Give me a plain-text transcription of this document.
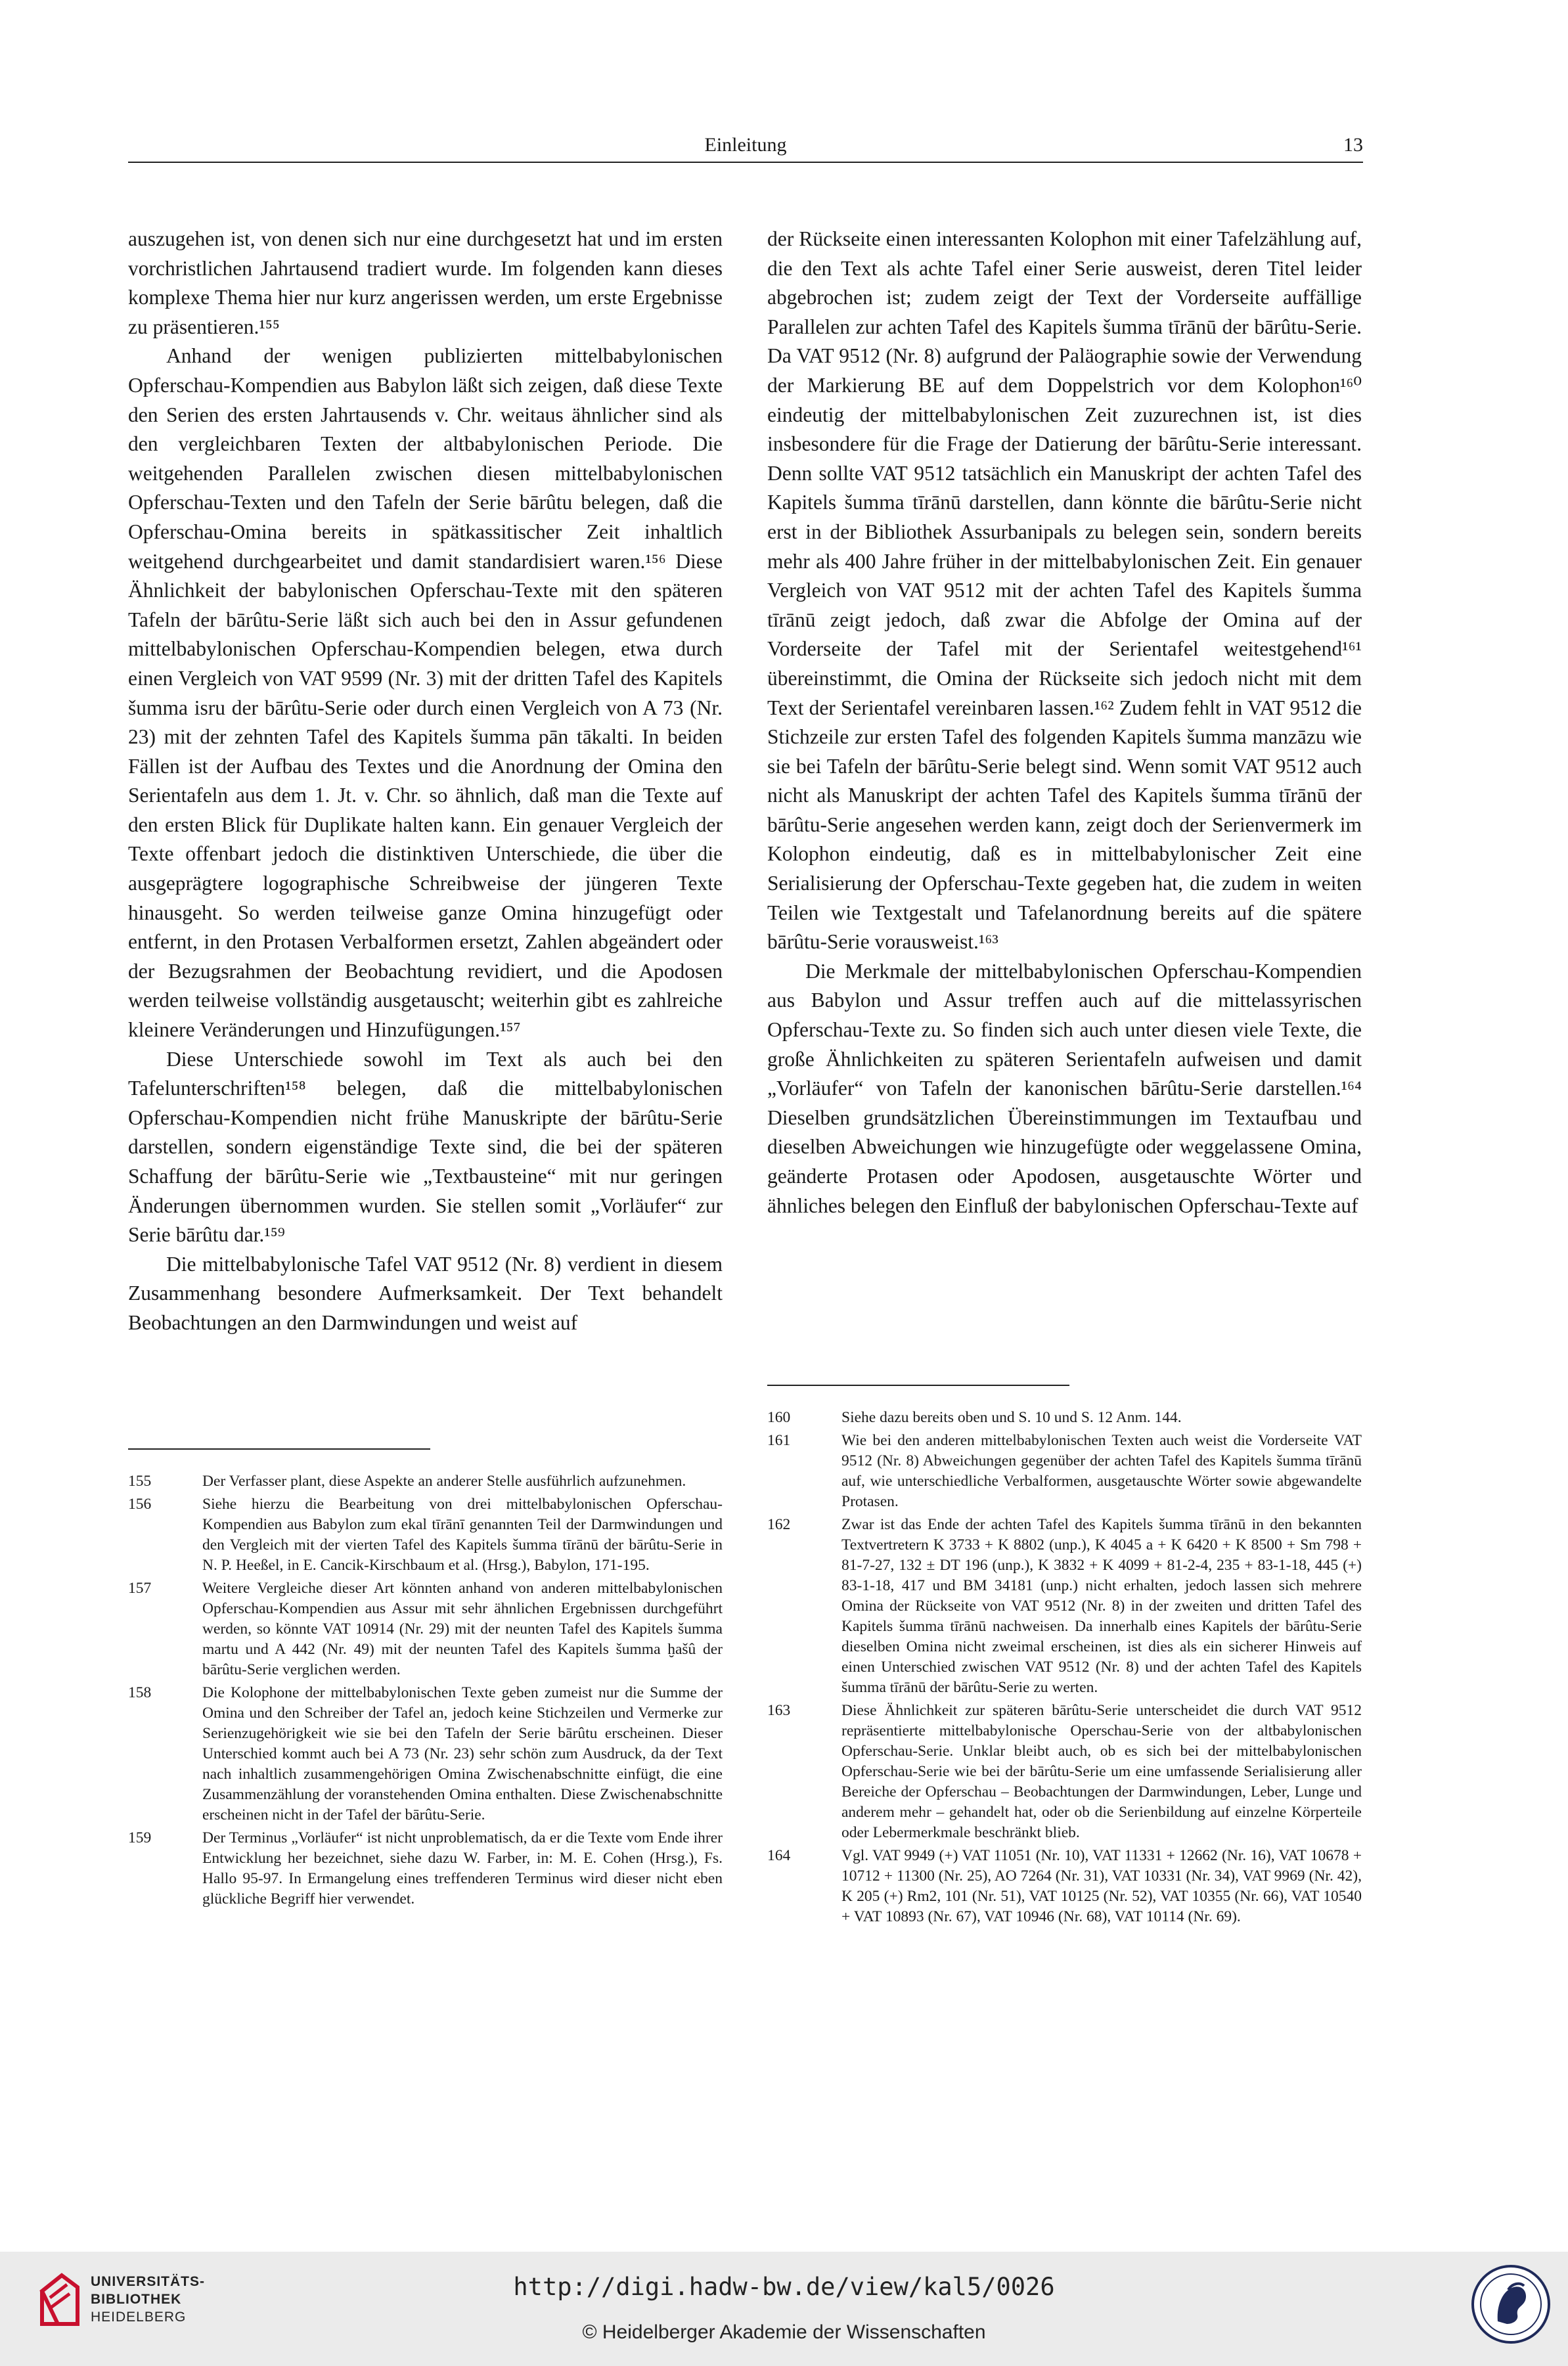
Einleitung	13

auszugehen ist, von denen sich nur eine durchgesetzt hat und im ersten vorchristlichen Jahrtausend tradiert wurde. Im folgenden kann dieses komplexe Thema hier nur kurz angerissen werden, um erste Ergebnisse zu präsentieren.¹⁵⁵

Anhand der wenigen publizierten mittelbabylonischen Opferschau-Kompendien aus Babylon läßt sich zeigen, daß diese Texte den Serien des ersten Jahrtausends v. Chr. weitaus ähnlicher sind als den vergleichbaren Texten der altbabylonischen Periode. Die weitgehenden Parallelen zwischen diesen mittelbabylonischen Opferschau-Texten und den Tafeln der Serie bārûtu belegen, daß die Opferschau-Omina bereits in spätkassitischer Zeit inhaltlich weitgehend durchgearbeitet und damit standardisiert waren.¹⁵⁶ Diese Ähnlichkeit der babylonischen Opferschau-Texte mit den späteren Tafeln der bārûtu-Serie läßt sich auch bei den in Assur gefundenen mittelbabylonischen Opferschau-Kompendien belegen, etwa durch einen Vergleich von VAT 9599 (Nr. 3) mit der dritten Tafel des Kapitels šumma isru der bārûtu-Serie oder durch einen Vergleich von A 73 (Nr. 23) mit der zehnten Tafel des Kapitels šumma pān tākalti. In beiden Fällen ist der Aufbau des Textes und die Anordnung der Omina den Serientafeln aus dem 1. Jt. v. Chr. so ähnlich, daß man die Texte auf den ersten Blick für Duplikate halten kann. Ein genauer Vergleich der Texte offenbart jedoch die distinktiven Unterschiede, die über die ausgeprägtere logographische Schreibweise der jüngeren Texte hinausgeht. So werden teilweise ganze Omina hinzugefügt oder entfernt, in den Protasen Verbalformen ersetzt, Zahlen abgeändert oder der Bezugsrahmen der Beobachtung revidiert, und die Apodosen werden teilweise vollständig ausgetauscht; weiterhin gibt es zahlreiche kleinere Veränderungen und Hinzufügungen.¹⁵⁷

Diese Unterschiede sowohl im Text als auch bei den Tafelunterschriften¹⁵⁸ belegen, daß die mittelbabylonischen Opferschau-Kompendien nicht frühe Manuskripte der bārûtu-Serie darstellen, sondern eigenständige Texte sind, die bei der späteren Schaffung der bārûtu-Serie wie „Textbausteine“ mit nur geringen Änderungen übernommen wurden. Sie stellen somit „Vorläufer“ zur Serie bārûtu dar.¹⁵⁹

Die mittelbabylonische Tafel VAT 9512 (Nr. 8) verdient in diesem Zusammenhang besondere Aufmerksamkeit. Der Text behandelt Beobachtungen an den Darmwindungen und weist auf

der Rückseite einen interessanten Kolophon mit einer Tafelzählung auf, die den Text als achte Tafel einer Serie ausweist, deren Titel leider abgebrochen ist; zudem zeigt der Text der Vorderseite auffällige Parallelen zur achten Tafel des Kapitels šumma tīrānū der bārûtu-Serie. Da VAT 9512 (Nr. 8) aufgrund der Paläographie sowie der Verwendung der Markierung BE auf dem Doppelstrich vor dem Kolophon¹⁶⁰ eindeutig der mittelbabylonischen Zeit zuzurechnen ist, ist dies insbesondere für die Frage der Datierung der bārûtu-Serie interessant. Denn sollte VAT 9512 tatsächlich ein Manuskript der achten Tafel des Kapitels šumma tīrānū darstellen, dann könnte die bārûtu-Serie nicht erst in der Bibliothek Assurbanipals zu belegen sein, sondern bereits mehr als 400 Jahre früher in der mittelbabylonischen Zeit. Ein genauer Vergleich von VAT 9512 mit der achten Tafel des Kapitels šumma tīrānū zeigt jedoch, daß zwar die Abfolge der Omina auf der Vorderseite der Tafel mit der Serientafel weitestgehend¹⁶¹ übereinstimmt, die Omina der Rückseite sich jedoch nicht mit dem Text der Serientafel vereinbaren lassen.¹⁶² Zudem fehlt in VAT 9512 die Stichzeile zur ersten Tafel des folgenden Kapitels šumma manzāzu wie sie bei Tafeln der bārûtu-Serie belegt sind. Wenn somit VAT 9512 auch nicht als Manuskript der achten Tafel des Kapitels šumma tīrānū der bārûtu-Serie angesehen werden kann, zeigt doch der Serienvermerk im Kolophon eindeutig, daß es in mittelbabylonischer Zeit eine Serialisierung der Opferschau-Texte gegeben hat, die zudem in weiten Teilen wie Textgestalt und Tafelanordnung bereits auf die spätere bārûtu-Serie vorausweist.¹⁶³

Die Merkmale der mittelbabylonischen Opferschau-Kompendien aus Babylon und Assur treffen auch auf die mittelassyrischen Opferschau-Texte zu. So finden sich auch unter diesen viele Texte, die große Ähnlichkeiten zu späteren Serientafeln aufweisen und damit „Vorläufer“ von Tafeln der kanonischen bārûtu-Serie darstellen.¹⁶⁴ Dieselben grundsätzlichen Übereinstimmungen im Textaufbau und dieselben Abweichungen wie hinzugefügte oder weggelassene Omina, geänderte Protasen oder Apodosen, ausgetauschte Wörter und ähnliches belegen den Einfluß der babylonischen Opferschau-Texte auf

155	Der Verfasser plant, diese Aspekte an anderer Stelle ausführlich aufzunehmen.
156	Siehe hierzu die Bearbeitung von drei mittelbabylonischen Opferschau-Kompendien aus Babylon zum ekal tīrānī genannten Teil der Darmwindungen und den Vergleich mit der vierten Tafel des Kapitels šumma tīrānū der bārûtu-Serie in N. P. Heeßel, in E. Cancik-Kirschbaum et al. (Hrsg.), Babylon, 171-195.
157	Weitere Vergleiche dieser Art könnten anhand von anderen mittelbabylonischen Opferschau-Kompendien aus Assur mit sehr ähnlichen Ergebnissen durchgeführt werden, so könnte VAT 10914 (Nr. 29) mit der neunten Tafel des Kapitels šumma martu und A 442 (Nr. 49) mit der neunten Tafel des Kapitels šumma ḫašû der bārûtu-Serie verglichen werden.
158	Die Kolophone der mittelbabylonischen Texte geben zumeist nur die Summe der Omina und den Schreiber der Tafel an, jedoch keine Stichzeilen und Vermerke zur Serienzugehörigkeit wie sie bei den Tafeln der Serie bārûtu erscheinen. Dieser Unterschied kommt auch bei A 73 (Nr. 23) sehr schön zum Ausdruck, da der Text nach inhaltlich zusammengehörigen Omina Zwischenabschnitte einfügt, die eine Zusammenzählung der voranstehenden Omina enthalten. Diese Zwischenabschnitte erscheinen nicht in der Tafel der bārûtu-Serie.
159	Der Terminus „Vorläufer“ ist nicht unproblematisch, da er die Texte vom Ende ihrer Entwicklung her bezeichnet, siehe dazu W. Farber, in: M. E. Cohen (Hrsg.), Fs. Hallo 95-97. In Ermangelung eines treffenderen Terminus wird dieser nicht eben glückliche Begriff hier verwendet.
160	Siehe dazu bereits oben und S. 10 und S. 12 Anm. 144.
161	Wie bei den anderen mittelbabylonischen Texten auch weist die Vorderseite VAT 9512 (Nr. 8) Abweichungen gegenüber der achten Tafel des Kapitels šumma tīrānū auf, wie unterschiedliche Verbalformen, ausgetauschte Wörter sowie abgewandelte Protasen.
162	Zwar ist das Ende der achten Tafel des Kapitels šumma tīrānū in den bekannten Textvertretern K 3733 + K 8802 (unp.), K 4045 a + K 6420 + K 8500 + Sm 798 + 81-7-27, 132 ± DT 196 (unp.), K 3832 + K 4099 + 81-2-4, 235 + 83-1-18, 445 (+) 83-1-18, 417 und BM 34181 (unp.) nicht erhalten, jedoch lassen sich mehrere Omina der Rückseite von VAT 9512 (Nr. 8) in der zweiten und dritten Tafel des Kapitels šumma tīrānū nachweisen. Da innerhalb eines Kapitels der bārûtu-Serie dieselben Omina nicht zweimal erscheinen, ist dies als ein sicherer Hinweis auf einen Unterschied zwischen VAT 9512 (Nr. 8) und der achten Tafel des Kapitels šumma tīrānū der bārûtu-Serie zu werten.
163	Diese Ähnlichkeit zur späteren bārûtu-Serie unterscheidet die durch VAT 9512 repräsentierte mittelbabylonische Operschau-Serie von der altbabylonischen Opferschau-Serie. Unklar bleibt auch, ob es sich bei der mittelbabylonischen Opferschau-Serie wie bei der bārûtu-Serie um eine umfassende Serialisierung aller Bereiche der Opferschau – Beobachtungen der Darmwindungen, Leber, Lunge und anderem mehr – gehandelt hat, oder ob die Serienbildung auf einzelne Körperteile oder Lebermerkmale beschränkt blieb.
164	Vgl. VAT 9949 (+) VAT 11051 (Nr. 10), VAT 11331 + 12662 (Nr. 16), VAT 10678 + 10712 + 11300 (Nr. 25), AO 7264 (Nr. 31), VAT 10331 (Nr. 34), VAT 9969 (Nr. 42), K 205 (+) Rm2, 101 (Nr. 51), VAT 10125 (Nr. 52), VAT 10355 (Nr. 66), VAT 10540 + VAT 10893 (Nr. 67), VAT 10946 (Nr. 68), VAT 10114 (Nr. 69).
UNIVERSITÄTS-
BIBLIOTHEK
HEIDELBERG
http://digi.hadw-bw.de/view/kal5/0026
© Heidelberger Akademie der Wissenschaften
